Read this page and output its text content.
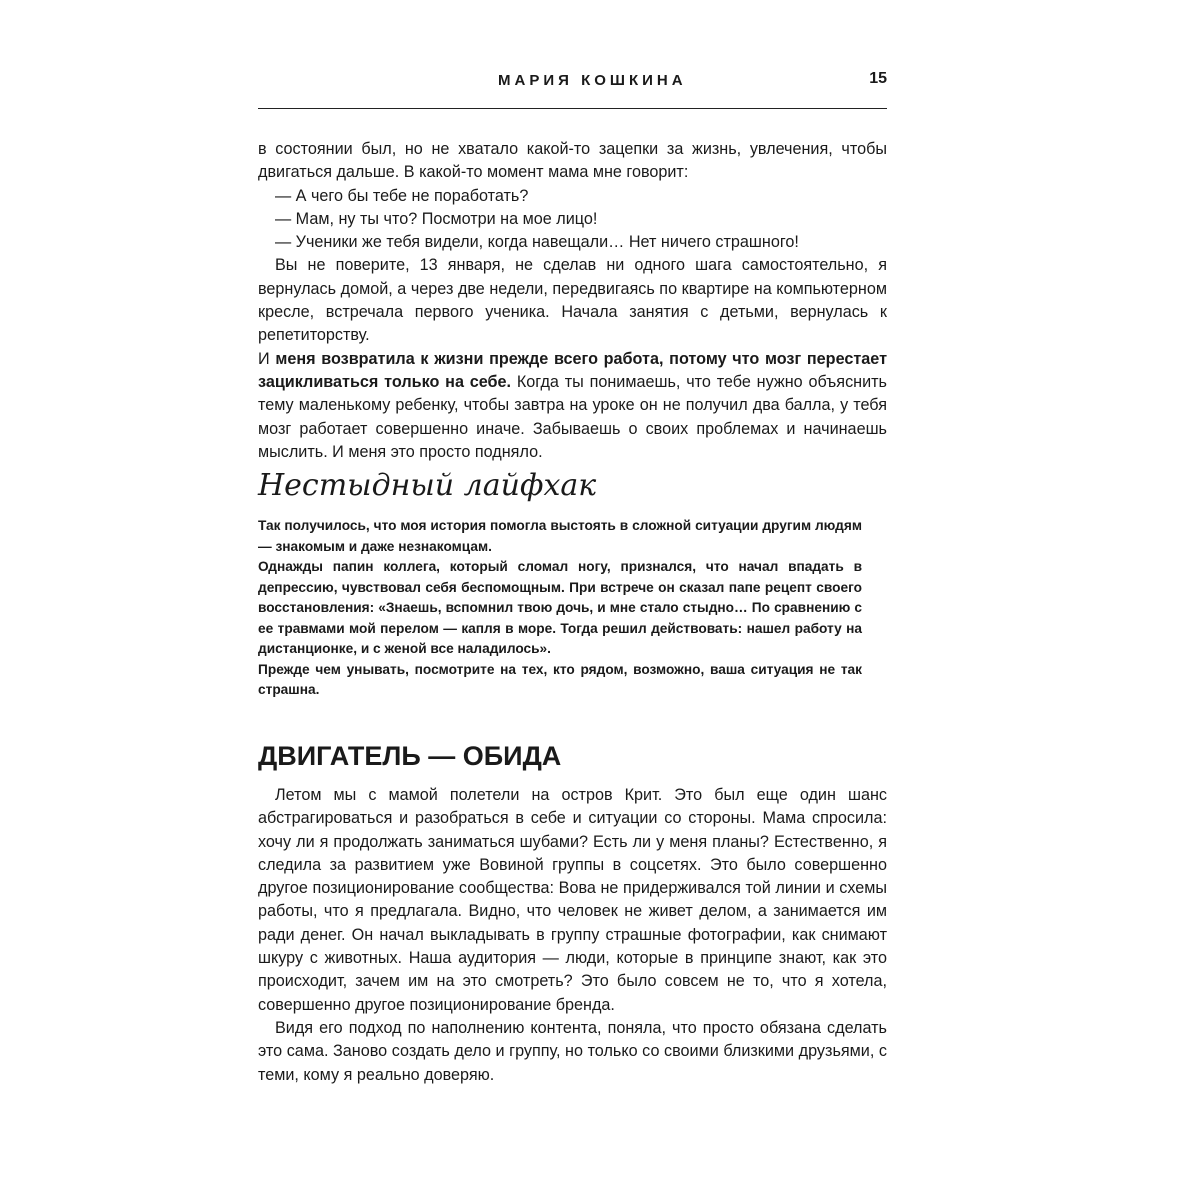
МАРИЯ КОШКИНА	15

в состоянии был, но не хватало какой-то зацепки за жизнь, увлечения, чтобы двигаться дальше. В какой-то момент мама мне говорит:

— А чего бы тебе не поработать?

— Мам, ну ты что? Посмотри на мое лицо!

— Ученики же тебя видели, когда навещали… Нет ничего страшного!

Вы не поверите, 13 января, не сделав ни одного шага самостоятельно, я вернулась домой, а через две недели, передвигаясь по квартире на компьютерном кресле, встречала первого ученика. Начала занятия с детьми, вернулась к репетиторству.

И меня возвратила к жизни прежде всего работа, потому что мозг перестает зацикливаться только на себе. Когда ты понимаешь, что тебе нужно объяснить тему маленькому ребенку, чтобы завтра на уроке он не получил два балла, у тебя мозг работает совершенно иначе. Забываешь о своих проблемах и начинаешь мыслить. И меня это просто подняло.

Нестыдный лайфхак

Так получилось, что моя история помогла выстоять в сложной ситуации другим людям — знакомым и даже незнакомцам.

Однажды папин коллега, который сломал ногу, признался, что начал впадать в депрессию, чувствовал себя беспомощным. При встрече он сказал папе рецепт своего восстановления: «Знаешь, вспомнил твою дочь, и мне стало стыдно… По сравнению с ее травмами мой перелом — капля в море. Тогда решил действовать: нашел работу на дистанционке, и с женой все наладилось».

Прежде чем унывать, посмотрите на тех, кто рядом, возможно, ваша ситуация не так страшна.

ДВИГАТЕЛЬ — ОБИДА

Летом мы с мамой полетели на остров Крит. Это был еще один шанс абстрагироваться и разобраться в себе и ситуации со стороны. Мама спросила: хочу ли я продолжать заниматься шубами? Есть ли у меня планы? Естественно, я следила за развитием уже Вовиной группы в соцсетях. Это было совершенно другое позиционирование сообщества: Вова не придерживался той линии и схемы работы, что я предлагала. Видно, что человек не живет делом, а занимается им ради денег. Он начал выкладывать в группу страшные фотографии, как снимают шкуру с животных. Наша аудитория — люди, которые в принципе знают, как это происходит, зачем им на это смотреть? Это было совсем не то, что я хотела, совершенно другое позиционирование бренда.

Видя его подход по наполнению контента, поняла, что просто обязана сделать это сама. Заново создать дело и группу, но только со своими близкими друзьями, с теми, кому я реально доверяю.
